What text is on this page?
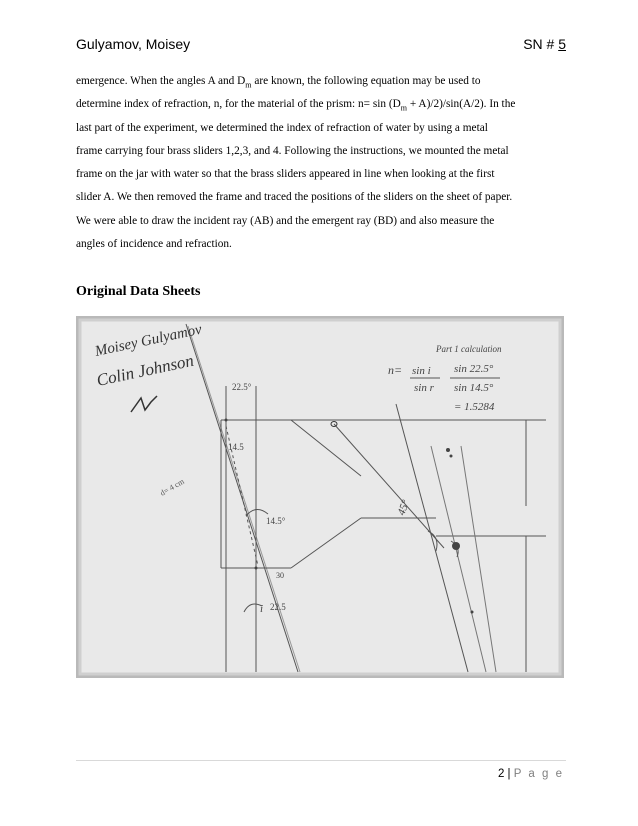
Gulyamov, Moisey	SN # 5

emergence. When the angles A and $D_m$ are known, the following equation may be used to

determine index of refraction, n, for the material of the prism: $n= \sin (D_m + A)/2)/\sin(A/2)$. In the

last part of the experiment, we determined the index of refraction of water by using a metal

frame carrying four brass sliders 1,2,3, and 4. Following the instructions, we mounted the metal

frame on the jar with water so that the brass sliders appeared in line when looking at the first

slider A. We then removed the frame and traced the positions of the sliders on the sheet of paper.

We were able to draw the incident ray (AB) and the emergent ray (BD) and also measure the

angles of incidence and refraction.

Original Data Sheets
Moisey Gulyamov
Colin Johnson
Part 1 calculation
n= sin i
sin r
sin 22.5°
sin 14.5°
= 1.5284
22.5°
14.5
14.5°
22.5
i
d= 4 cm
30
45°
2 | P a g e
